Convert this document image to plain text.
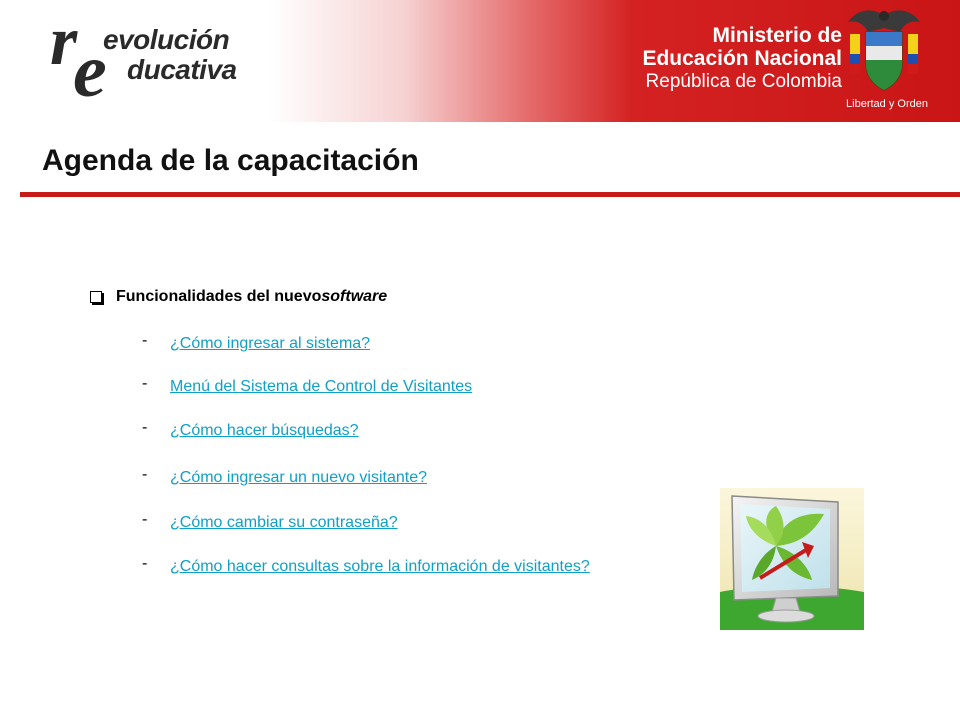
r
e
evolución
ducativa
Ministerio de
Educación Nacional
República de Colombia
Libertad y Orden
Agenda de la capacitación
Funcionalidades del nuevo software
- ¿Cómo ingresar al sistema?
- Menú del Sistema de Control de Visitantes
- ¿Cómo hacer búsquedas?
- ¿Cómo ingresar un nuevo visitante?
- ¿Cómo cambiar su contraseña?
- ¿Cómo hacer consultas sobre la información de visitantes?
